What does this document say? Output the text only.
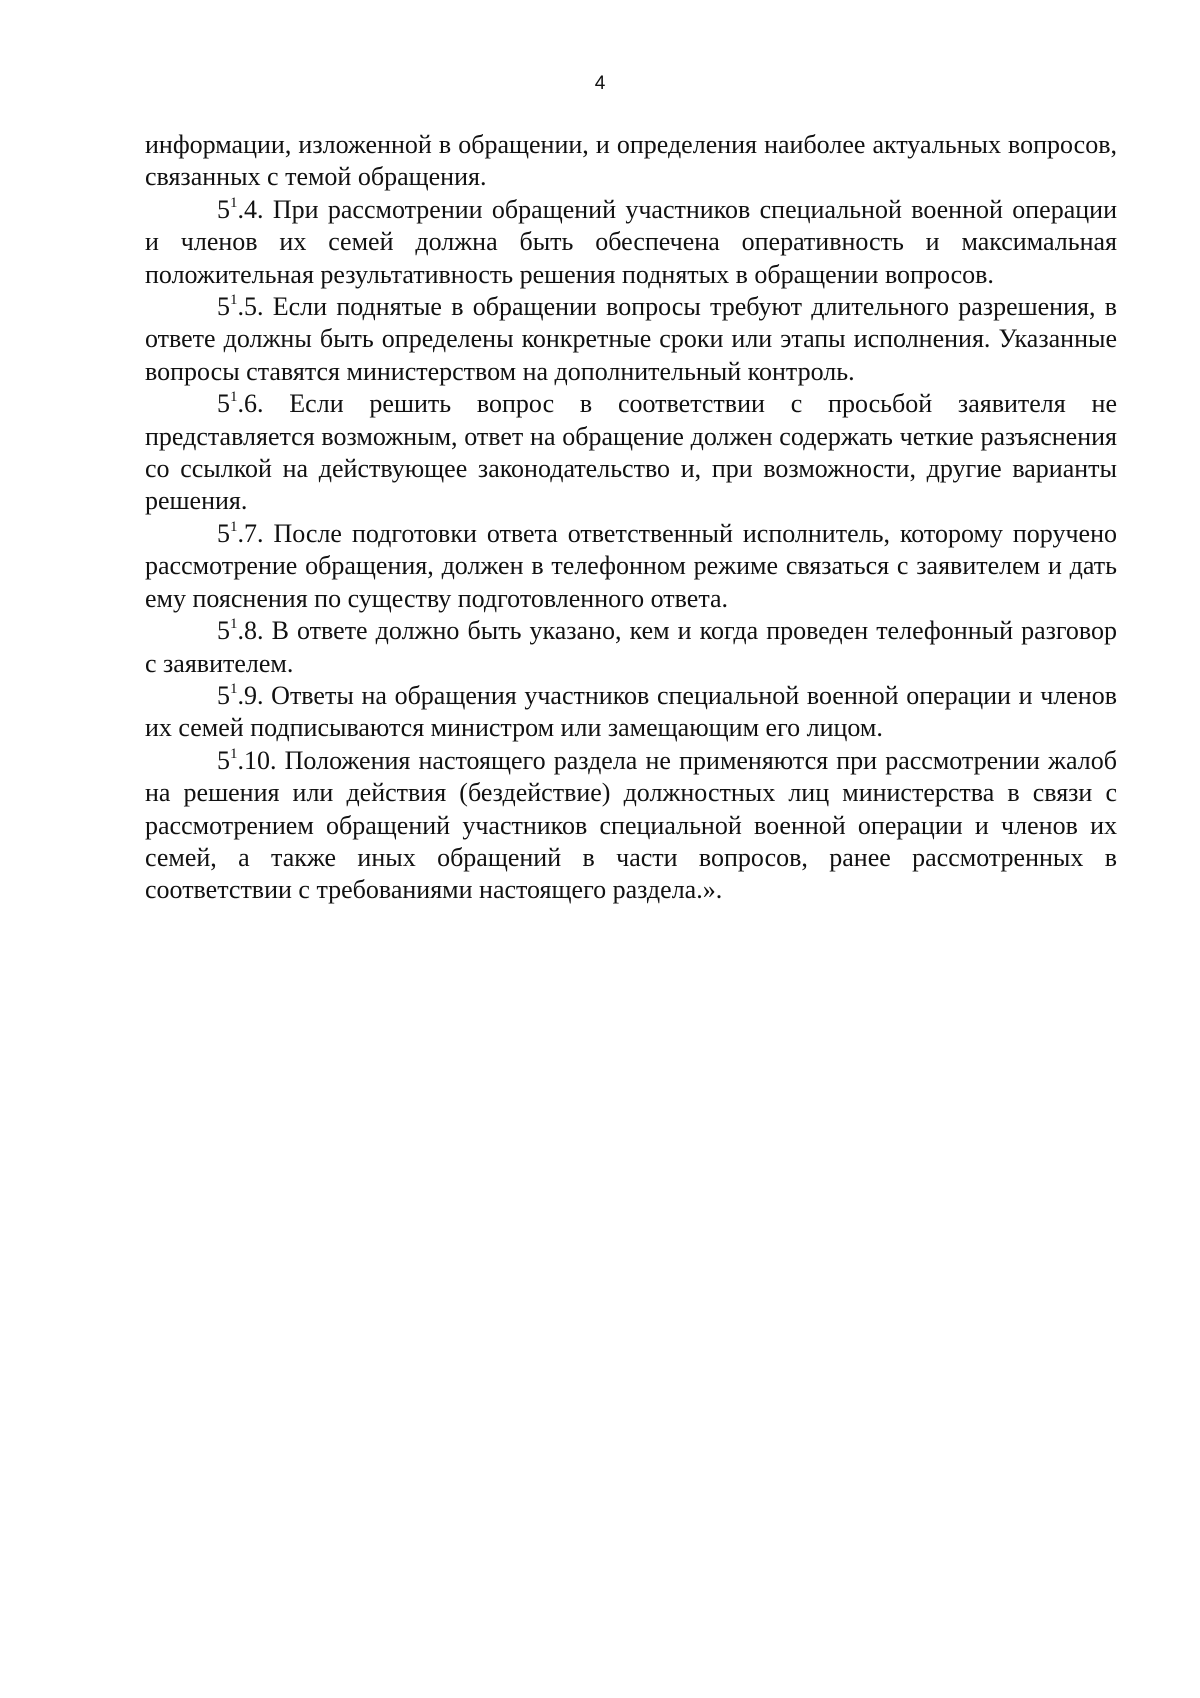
4

информации, изложенной в обращении, и определения наиболее актуальных вопросов, связанных с темой обращения.

$5^1.4$. При рассмотрении обращений участников специальной военной операции и членов их семей должна быть обеспечена оперативность и максимальная положительная результативность решения поднятых в обращении вопросов.

$5^1.5$. Если поднятые в обращении вопросы требуют длительного разрешения, в ответе должны быть определены конкретные сроки или этапы исполнения. Указанные вопросы ставятся министерством на дополнительный контроль.

$5^1.6$. Если решить вопрос в соответствии с просьбой заявителя не представляется возможным, ответ на обращение должен содержать четкие разъяснения со ссылкой на действующее законодательство и, при возможности, другие варианты решения.

$5^1.7$. После подготовки ответа ответственный исполнитель, которому поручено рассмотрение обращения, должен в телефонном режиме связаться с заявителем и дать ему пояснения по существу подготовленного ответа.

$5^1.8$. В ответе должно быть указано, кем и когда проведен телефонный разговор с заявителем.

$5^1.9$. Ответы на обращения участников специальной военной операции и членов их семей подписываются министром или замещающим его лицом.

$5^1.10$. Положения настоящего раздела не применяются при рассмотрении жалоб на решения или действия (бездействие) должностных лиц министерства в связи с рассмотрением обращений участников специальной военной операции и членов их семей, а также иных обращений в части вопросов, ранее рассмотренных в соответствии с требованиями настоящего раздела.».
